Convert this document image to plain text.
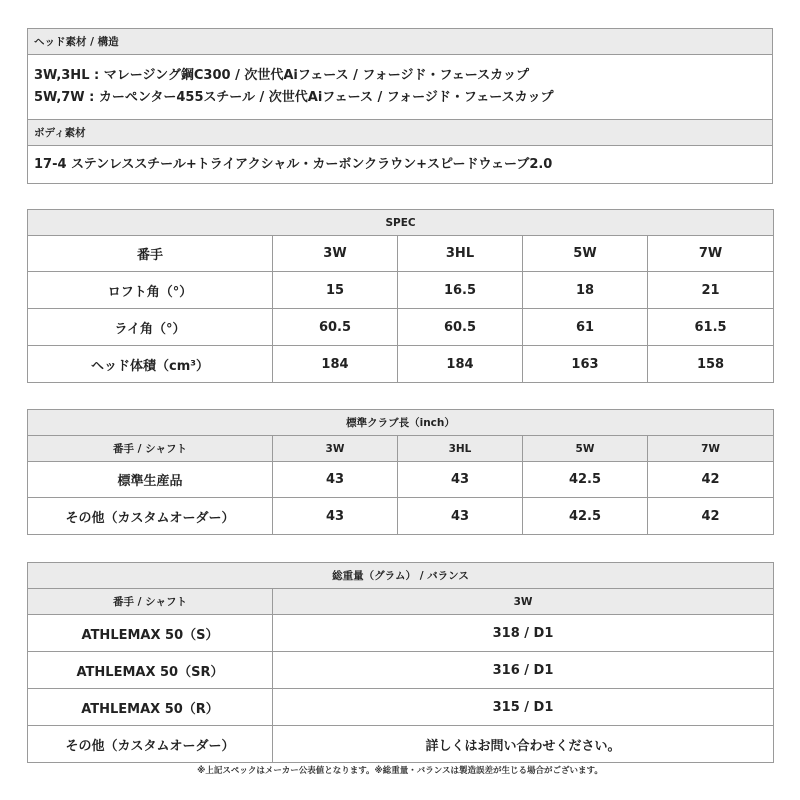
ヘッド素材 / 構造

3W,3HL : マレージング鋼C300 / 次世代Aiフェース / フォージド・フェースカップ
5W,7W : カーペンター455スチール / 次世代Aiフェース / フォージド・フェースカップ

ボディ素材
17-4 ステンレススチール+トライアクシャル・カーボンクラウン+スピードウェーブ2.0
SPEC				
番手	3W	3HL	5W	7W
ロフト角（°）	15	16.5	18	21
ライ角（°）	60.5	60.5	61	61.5
ヘッド体積（cm³）	184	184	163	158
標準クラブ長（inch）				
番手 / シャフト	3W	3HL	5W	7W
標準生産品	43	43	42.5	42
その他（カスタムオーダー）	43	43	42.5	42
総重量（グラム） / バランス	
番手 / シャフト	3W
ATHLEMAX 50（S）	318 / D1
ATHLEMAX 50（SR）	316 / D1
ATHLEMAX 50（R）	315 / D1
その他（カスタムオーダー）	詳しくはお問い合わせください。
※上記スペックはメーカー公表値となります。※総重量・バランスは製造誤差が生じる場合がございます。
